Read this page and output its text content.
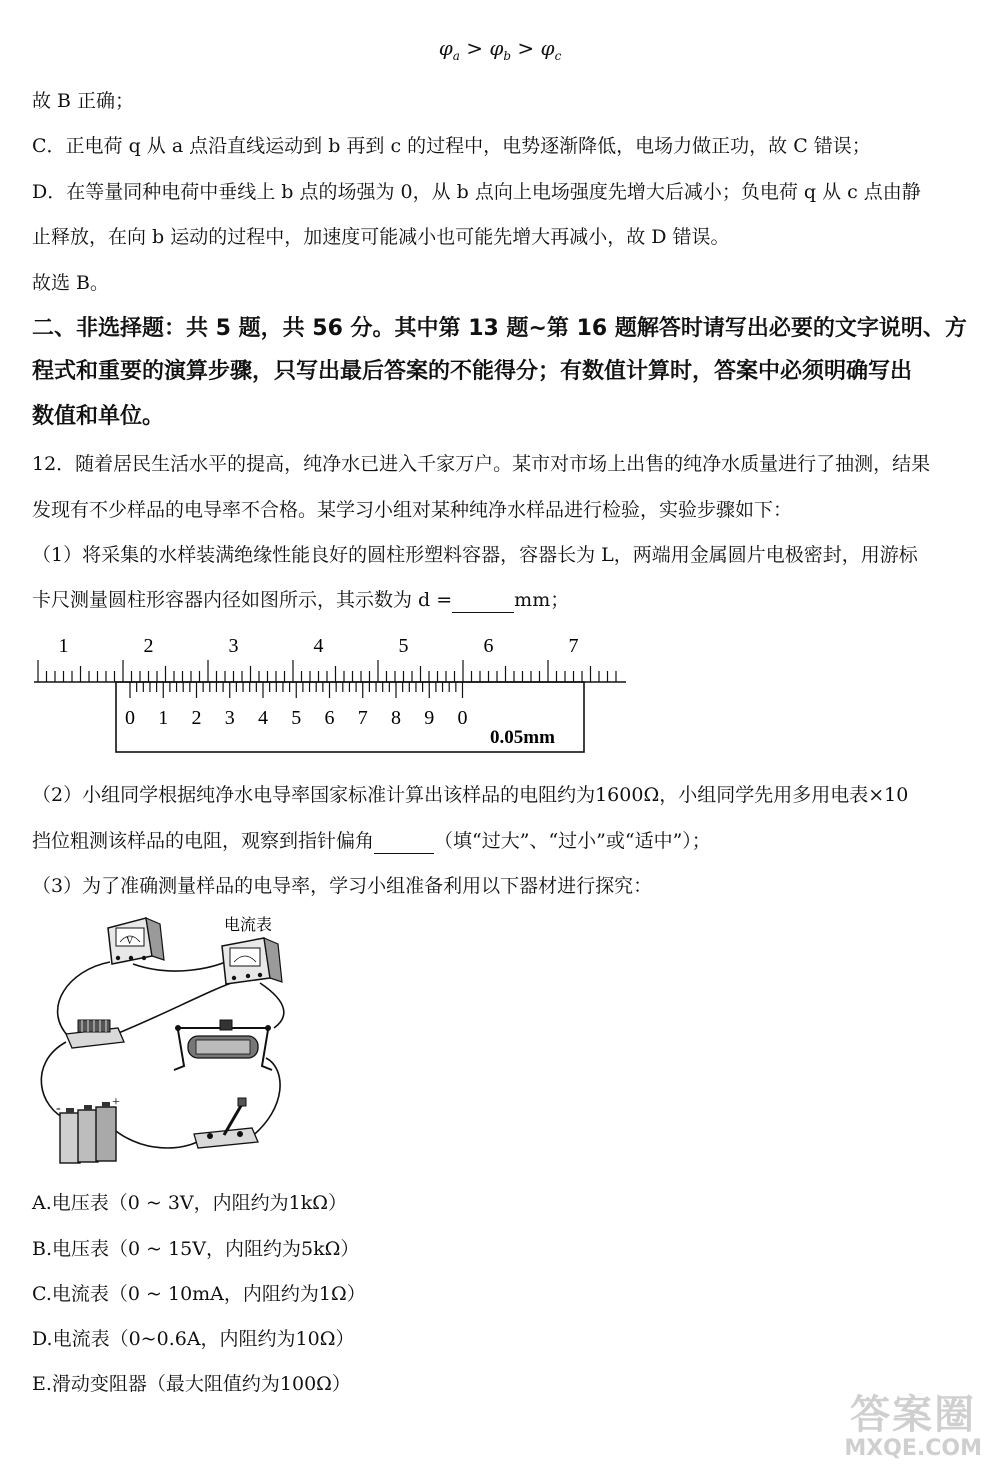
$\varphi_a > \varphi_b > \varphi_c$
故 B 正确；
C．正电荷 q 从 a 点沿直线运动到 b 再到 c 的过程中，电势逐渐降低，电场力做正功，故 C 错误；
D．在等量同种电荷中垂线上 b 点的场强为 0，从 b 点向上电场强度先增大后减小；负电荷 q 从 c 点由静
止释放，在向 b 运动的过程中，加速度可能减小也可能先增大再减小，故 D 错误。
故选 B。
二、非选择题：共 5 题，共 56 分。其中第 13 题~第 16 题解答时请写出必要的文字说明、方
程式和重要的演算步骤，只写出最后答案的不能得分；有数值计算时，答案中必须明确写出
数值和单位。
12．随着居民生活水平的提高，纯净水已进入千家万户。某市对市场上出售的纯净水质量进行了抽测，结果
发现有不少样品的电导率不合格。某学习小组对某种纯净水样品进行检验，实验步骤如下：
（1）将采集的水样装满绝缘性能良好的圆柱形塑料容器，容器长为 L，两端用金属圆片电极密封，用游标
卡尺测量圆柱形容器内径如图所示，其示数为 d =	mm；
1	2	3	4	5	6	7
0 1 2 3 4 5 6 7 8 9 0
0.05mm
（2）小组同学根据纯净水电导率国家标准计算出该样品的电阻约为1600Ω，小组同学先用多用电表×10
挡位粗测该样品的电阻，观察到指针偏角	（填“过大”、“过小”或“适中”）；
（3）为了准确测量样品的电导率，学习小组准备利用以下器材进行探究：
V
电流表
+
-
A.电压表（0 ~ 3V，内阻约为1kΩ）
B.电压表（0 ~ 15V，内阻约为5kΩ）
C.电流表（0 ~ 10mA，内阻约为1Ω）
D.电流表（0~0.6A，内阻约为10Ω）
E.滑动变阻器（最大阻值约为100Ω）
答案圈
MXQE.COM
